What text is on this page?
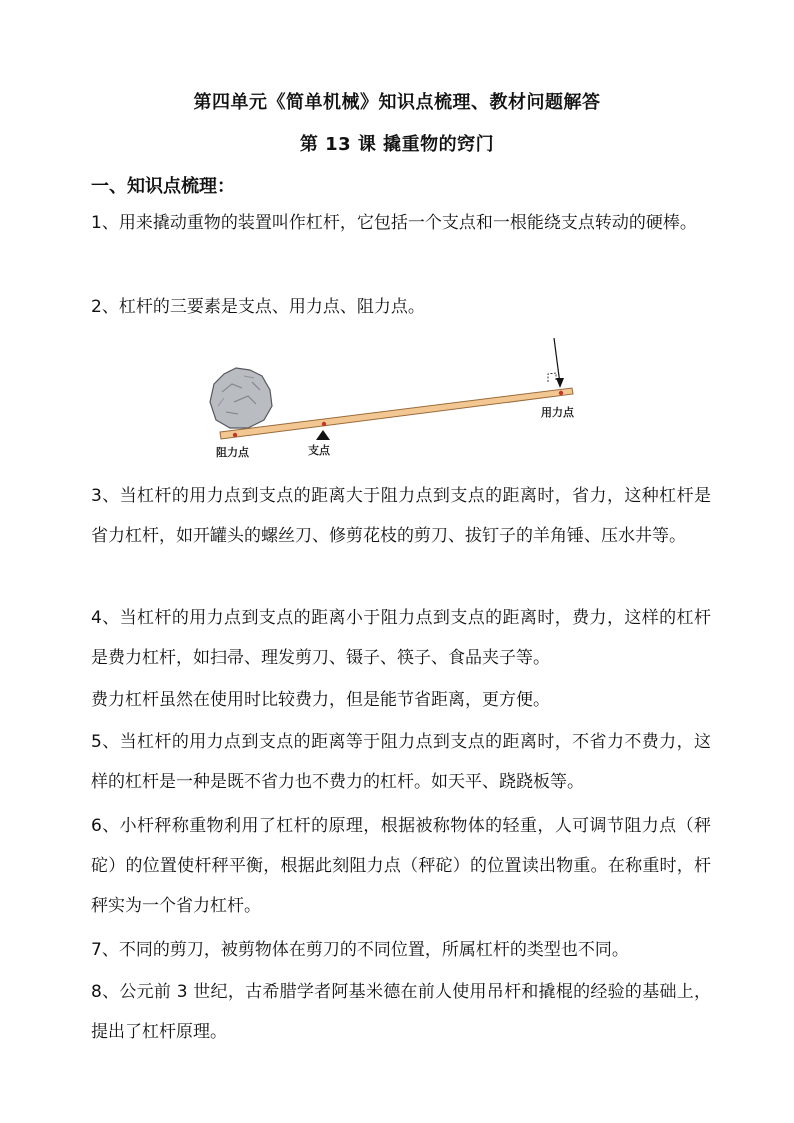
第四单元《简单机械》知识点梳理、教材问题解答
第 13 课 撬重物的窍门
一、知识点梳理：
1、用来撬动重物的装置叫作杠杆，它包括一个支点和一根能绕支点转动的硬棒。
2、杠杆的三要素是支点、用力点、阻力点。
阻力点	支点
用力点
3、当杠杆的用力点到支点的距离大于阻力点到支点的距离时，省力，这种杠杆是省力杠杆，如开罐头的螺丝刀、修剪花枝的剪刀、拔钉子的羊角锤、压水井等。
4、当杠杆的用力点到支点的距离小于阻力点到支点的距离时，费力，这样的杠杆是费力杠杆，如扫帚、理发剪刀、镊子、筷子、食品夹子等。
费力杠杆虽然在使用时比较费力，但是能节省距离，更方便。
5、当杠杆的用力点到支点的距离等于阻力点到支点的距离时，不省力不费力，这样的杠杆是一种是既不省力也不费力的杠杆。如天平、跷跷板等。
6、小杆秤称重物利用了杠杆的原理，根据被称物体的轻重，人可调节阻力点（秤砣）的位置使杆秤平衡，根据此刻阻力点（秤砣）的位置读出物重。在称重时，杆秤实为一个省力杠杆。
7、不同的剪刀，被剪物体在剪刀的不同位置，所属杠杆的类型也不同。
8、公元前 3 世纪，古希腊学者阿基米德在前人使用吊杆和撬棍的经验的基础上，提出了杠杆原理。
